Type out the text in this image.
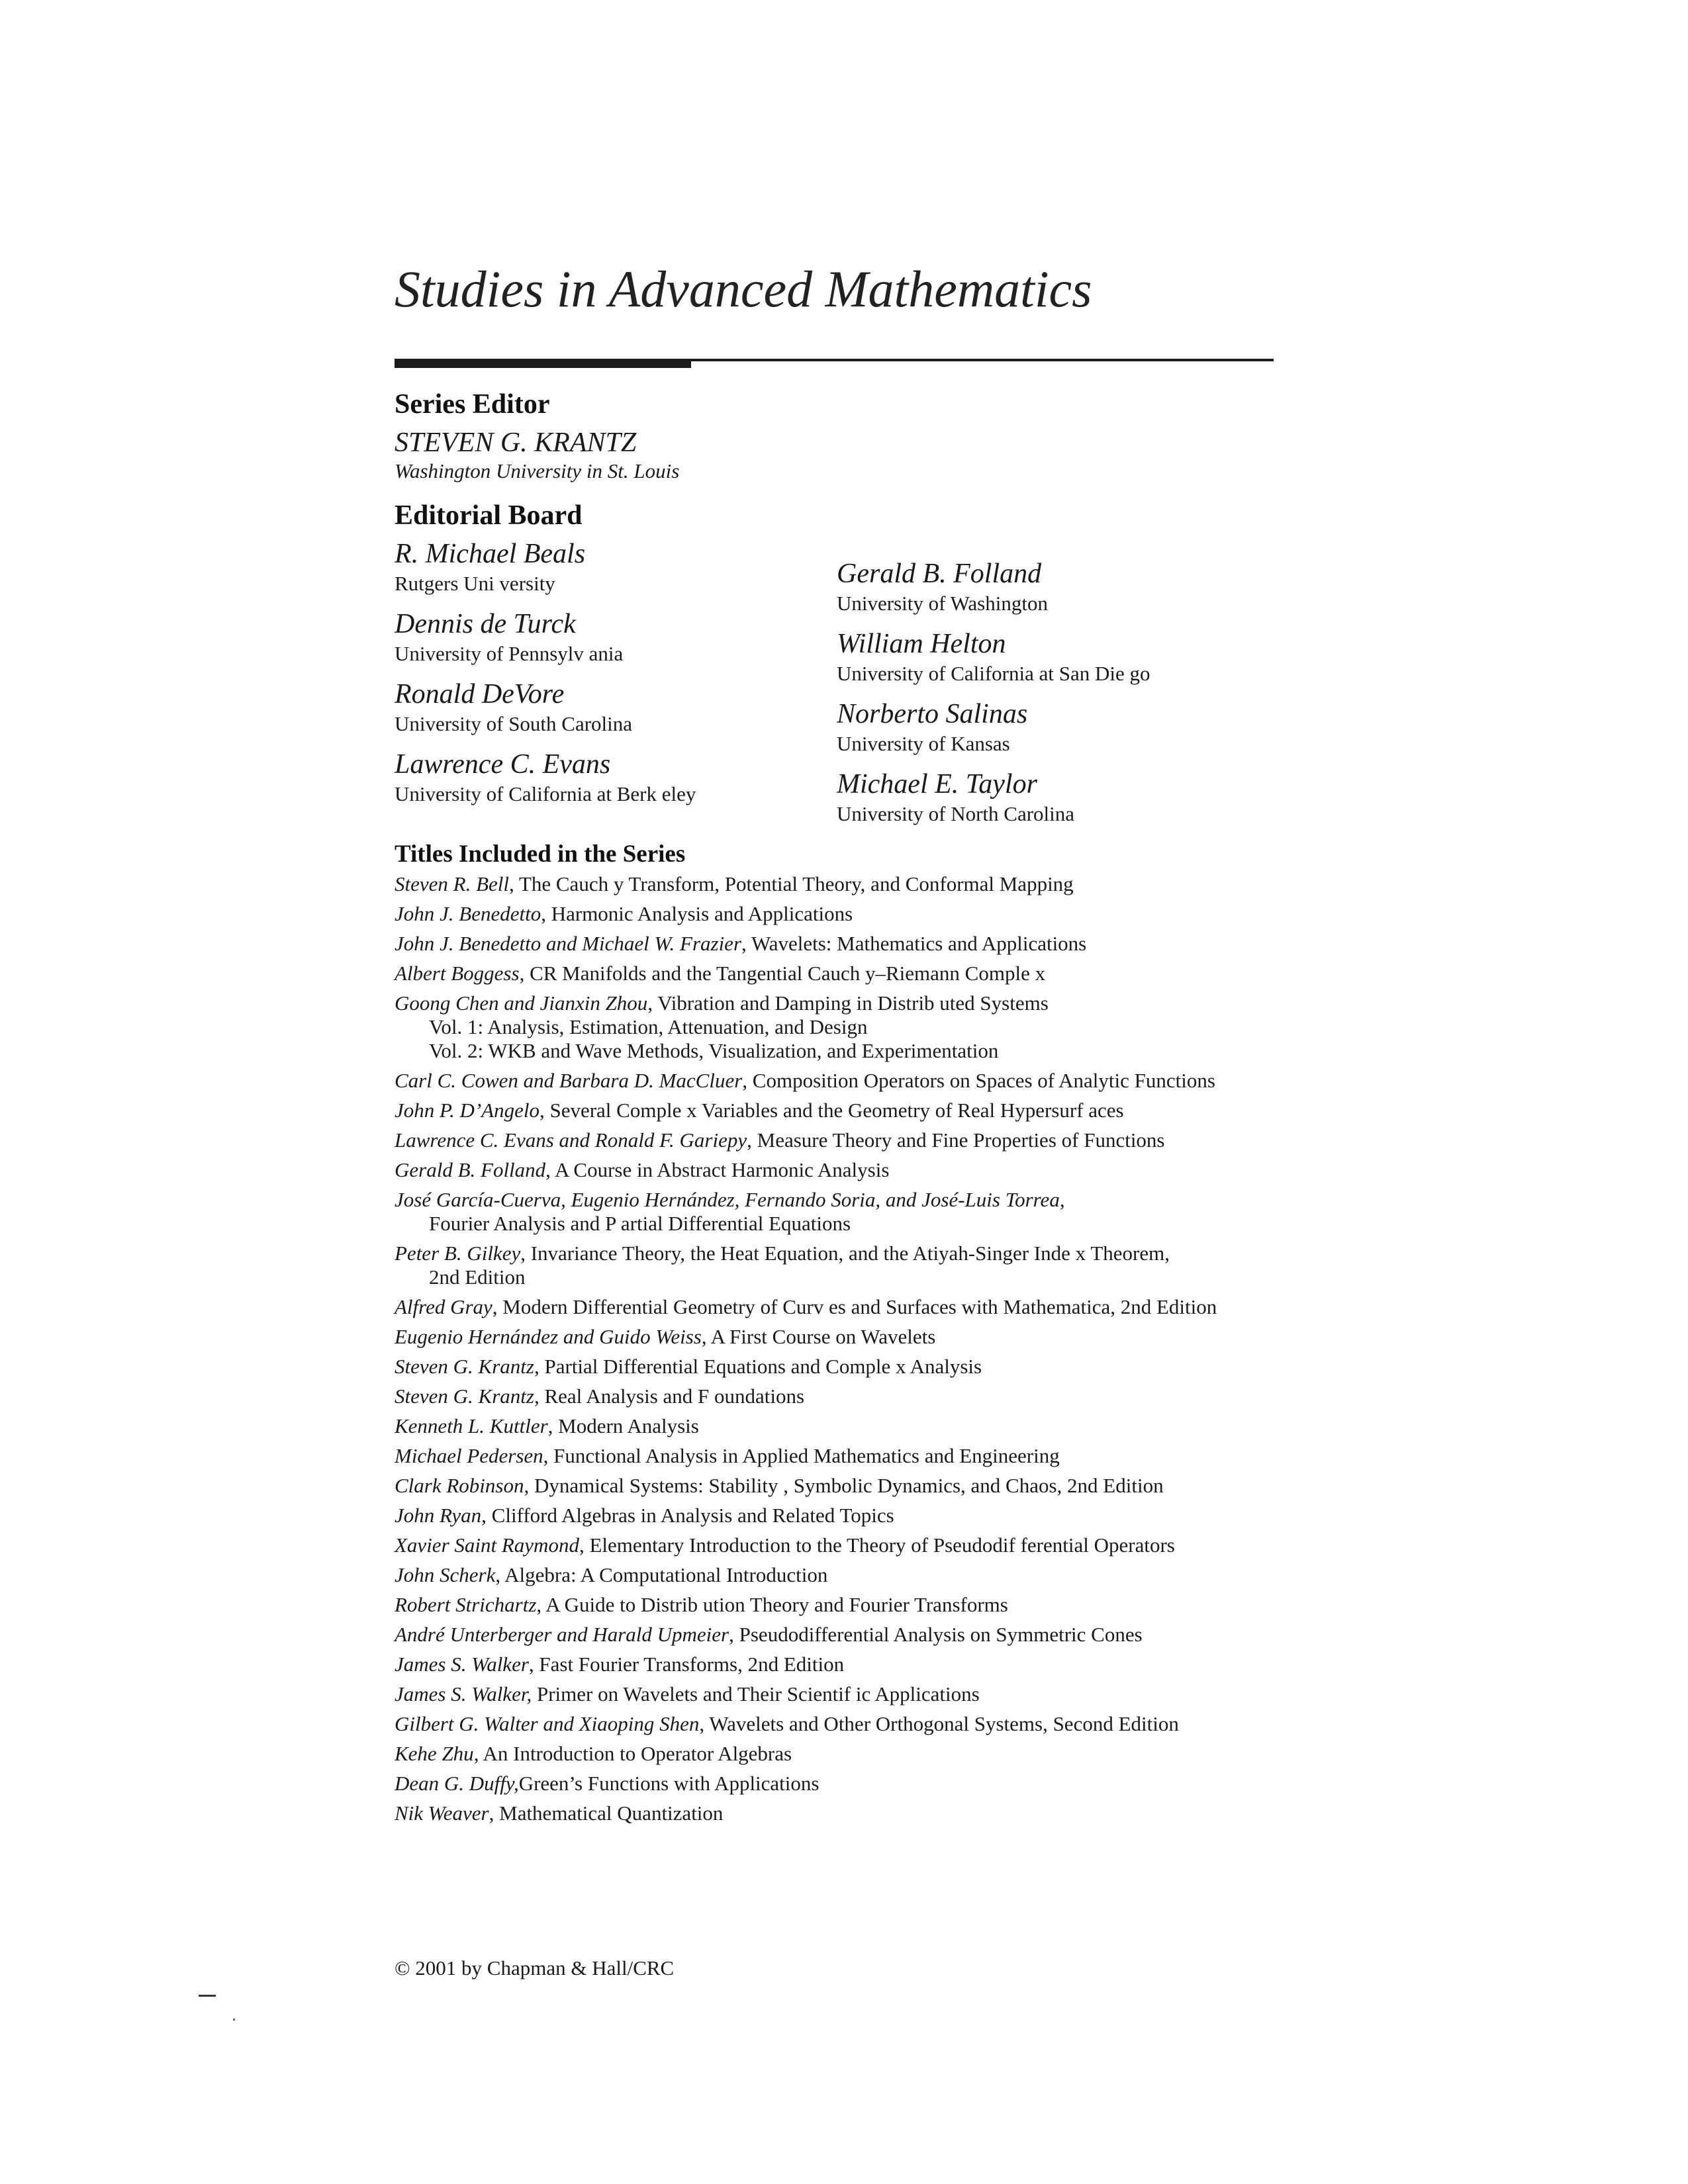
Studies in Advanced Mathematics
Series Editor
STEVEN G. KRANTZ
Washington University in St. Louis
Editorial Board
R. Michael Beals
Rutgers Uni versity
Dennis de Turck
University of Pennsylv ania
Ronald DeVore
University of South Carolina
Lawrence C. Evans
University of California at Berk eley
Gerald B. Folland
University of Washington
William Helton
University of California at San Die go
Norberto Salinas
University of Kansas
Michael E. Taylor
University of North Carolina
Titles Included in the Series
Steven R. Bell, The Cauch y Transform, Potential Theory, and Conformal Mapping
John J. Benedetto, Harmonic Analysis and Applications
John J. Benedetto and Michael W. Frazier, Wavelets: Mathematics and Applications
Albert Boggess, CR Manifolds and the Tangential Cauch y–Riemann Comple x
Goong Chen and Jianxin Zhou, Vibration and Damping in Distrib uted Systems
Vol. 1: Analysis, Estimation, Attenuation, and Design
Vol. 2: WKB and Wave Methods, Visualization, and Experimentation
Carl C. Cowen and Barbara D. MacCluer, Composition Operators on Spaces of Analytic Functions
John P. D’Angelo, Several Comple x Variables and the Geometry of Real Hypersurf aces
Lawrence C. Evans and Ronald F. Gariepy, Measure Theory and Fine Properties of Functions
Gerald B. Folland, A Course in Abstract Harmonic Analysis
José García-Cuerva, Eugenio Hernández, Fernando Soria, and José-Luis Torrea,
Fourier Analysis and P artial Differential Equations
Peter B. Gilkey, Invariance Theory, the Heat Equation, and the Atiyah-Singer Inde x Theorem,
2nd Edition
Alfred Gray, Modern Differential Geometry of Curv es and Surfaces with Mathematica, 2nd Edition
Eugenio Hernández and Guido Weiss, A First Course on Wavelets
Steven G. Krantz, Partial Differential Equations and Comple x Analysis
Steven G. Krantz, Real Analysis and F oundations
Kenneth L. Kuttler, Modern Analysis
Michael Pedersen, Functional Analysis in Applied Mathematics and Engineering
Clark Robinson, Dynamical Systems: Stability , Symbolic Dynamics, and Chaos, 2nd Edition
John Ryan, Clifford Algebras in Analysis and Related Topics
Xavier Saint Raymond, Elementary Introduction to the Theory of Pseudodif ferential Operators
John Scherk, Algebra: A Computational Introduction
Robert Strichartz, A Guide to Distrib ution Theory and Fourier Transforms
André Unterberger and Harald Upmeier, Pseudodifferential Analysis on Symmetric Cones
James S. Walker, Fast Fourier Transforms, 2nd Edition
James S. Walker, Primer on Wavelets and Their Scientif ic Applications
Gilbert G. Walter and Xiaoping Shen, Wavelets and Other Orthogonal Systems, Second Edition
Kehe Zhu, An Introduction to Operator Algebras
Dean G. Duffy,Green’s Functions with Applications
Nik Weaver, Mathematical Quantization
© 2001 by Chapman & Hall/CRC
